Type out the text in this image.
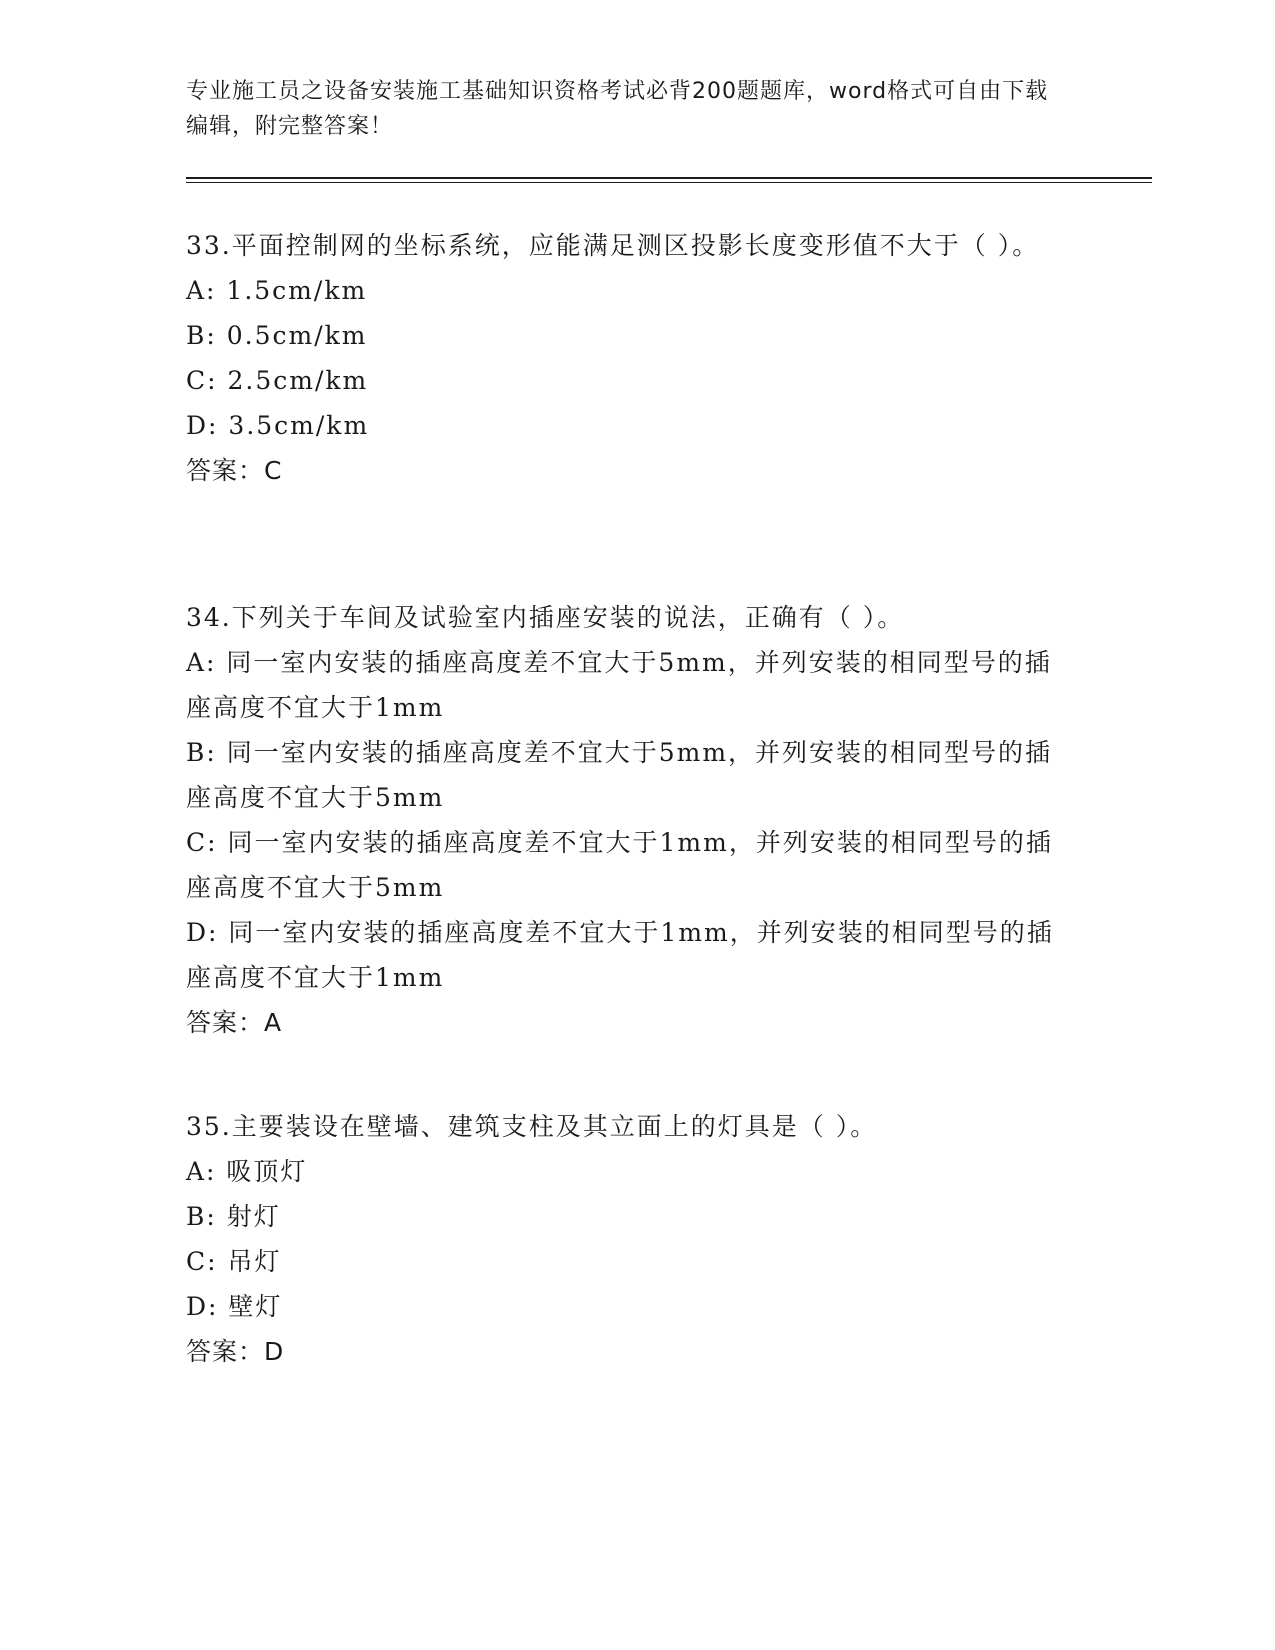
专业施工员之设备安装施工基础知识资格考试必背200题题库，word格式可自由下载编辑，附完整答案！

33.平面控制网的坐标系统，应能满足测区投影长度变形值不大于（ ）。

A: 1.5cm/km

B: 0.5cm/km

C: 2.5cm/km

D: 3.5cm/km

答案：C

34.下列关于车间及试验室内插座安装的说法，正确有（ ）。

A: 同一室内安装的插座高度差不宜大于5mm，并列安装的相同型号的插座高度不宜大于1mm

B: 同一室内安装的插座高度差不宜大于5mm，并列安装的相同型号的插座高度不宜大于5mm

C: 同一室内安装的插座高度差不宜大于1mm，并列安装的相同型号的插座高度不宜大于5mm

D: 同一室内安装的插座高度差不宜大于1mm，并列安装的相同型号的插座高度不宜大于1mm

答案：A

35.主要装设在壁墙、建筑支柱及其立面上的灯具是（ ）。

A: 吸顶灯

B: 射灯

C: 吊灯

D: 壁灯

答案：D
